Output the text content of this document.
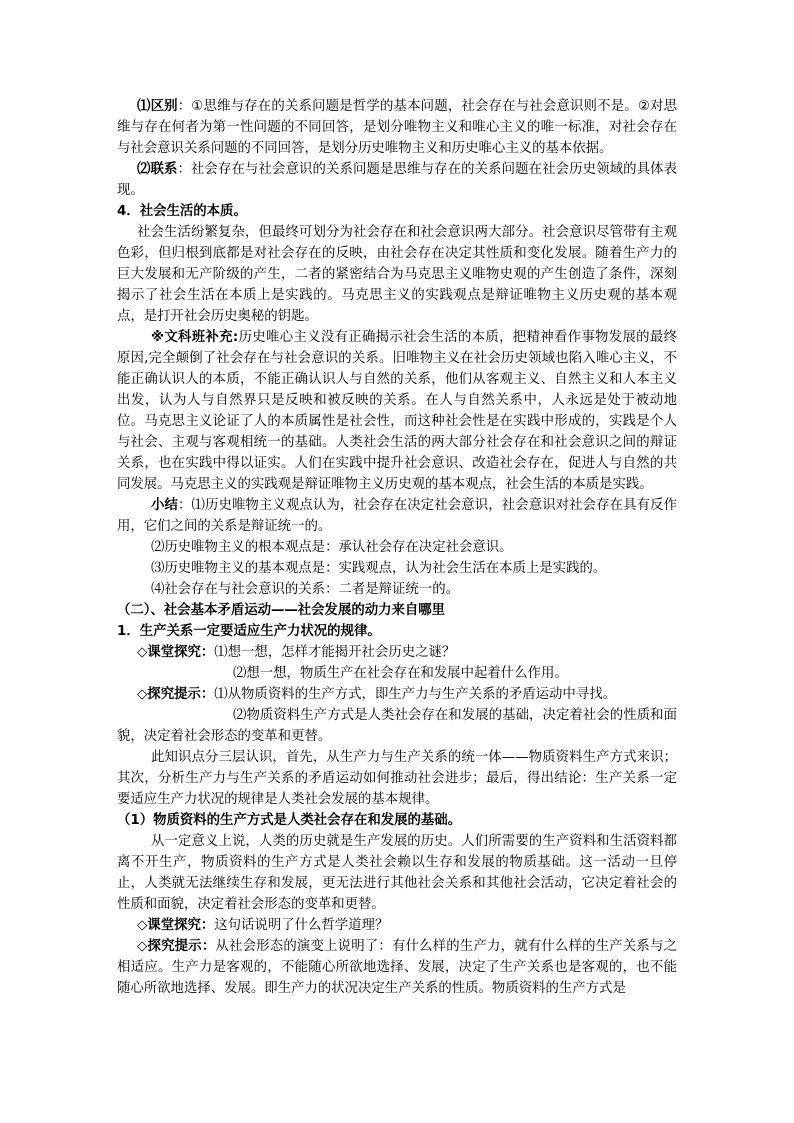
⑴区别：①思维与存在的关系问题是哲学的基本问题，社会存在与社会意识则不是。②对思维与存在何者为第一性问题的不同回答，是划分唯物主义和唯心主义的唯一标准，对社会存在与社会意识关系问题的不同回答，是划分历史唯物主义和历史唯心主义的基本依据。

⑵联系：社会存在与社会意识的关系问题是思维与存在的关系问题在社会历史领域的具体表现。

4．社会生活的本质。

社会生活纷繁复杂，但最终可划分为社会存在和社会意识两大部分。社会意识尽管带有主观色彩，但归根到底都是对社会存在的反映，由社会存在决定其性质和变化发展。随着生产力的巨大发展和无产阶级的产生，二者的紧密结合为马克思主义唯物史观的产生创造了条件，深刻揭示了社会生活在本质上是实践的。马克思主义的实践观点是辩证唯物主义历史观的基本观点，是打开社会历史奥秘的钥匙。

※文科班补充:历史唯心主义没有正确揭示社会生活的本质，把精神看作事物发展的最终原因,完全颠倒了社会存在与社会意识的关系。旧唯物主义在社会历史领域也陷入唯心主义，不能正确认识人的本质，不能正确认识人与自然的关系，他们从客观主义、自然主义和人本主义出发，认为人与自然界只是反映和被反映的关系。在人与自然关系中，人永远是处于被动地位。马克思主义论证了人的本质属性是社会性，而这种社会性是在实践中形成的，实践是个人与社会、主观与客观相统一的基础。人类社会生活的两大部分社会存在和社会意识之间的辩证关系，也在实践中得以证实。人们在实践中提升社会意识、改造社会存在，促进人与自然的共同发展。马克思主义的实践观是辩证唯物主义历史观的基本观点，社会生活的本质是实践。

小结：⑴历史唯物主义观点认为，社会存在决定社会意识，社会意识对社会存在具有反作用，它们之间的关系是辩证统一的。

⑵历史唯物主义的根本观点是：承认社会存在决定社会意识。

⑶历史唯物主义的基本观点是：实践观点，认为社会生活在本质上是实践的。

⑷社会存在与社会意识的关系：二者是辩证统一的。

（二）、社会基本矛盾运动——社会发展的动力来自哪里

1．生产关系一定要适应生产力状况的规律。

◇课堂探究： ⑴想一想，怎样才能揭开社会历史之谜？

⑵想一想，物质生产在社会存在和发展中起着什么作用。

◇探究提示： ⑴从物质资料的生产方式，即生产力与生产关系的矛盾运动中寻找。

⑵物质资料生产方式是人类社会存在和发展的基础，决定着社会的性质和面貌，决定着社会形态的变革和更替。

此知识点分三层认识，首先，从生产力与生产关系的统一体——物质资料生产方式来识；其次，分析生产力与生产关系的矛盾运动如何推动社会进步；最后，得出结论：生产关系一定要适应生产力状况的规律是人类社会发展的基本规律。

（1）物质资料的生产方式是人类社会存在和发展的基础。

从一定意义上说，人类的历史就是生产发展的历史。人们所需要的生产资料和生活资料都离不开生产，物质资料的生产方式是人类社会赖以生存和发展的物质基础。这一活动一旦停止，人类就无法继续生存和发展，更无法进行其他社会关系和其他社会活动，它决定着社会的性质和面貌，决定着社会形态的变革和更替。

◇课堂探究：这句话说明了什么哲学道理？

◇探究提示：从社会形态的演变上说明了：有什么样的生产力，就有什么样的生产关系与之相适应。生产力是客观的，不能随心所欲地选择、发展，决定了生产关系也是客观的，也不能随心所欲地选择、发展。即生产力的状况决定生产关系的性质。物质资料的生产方式是
